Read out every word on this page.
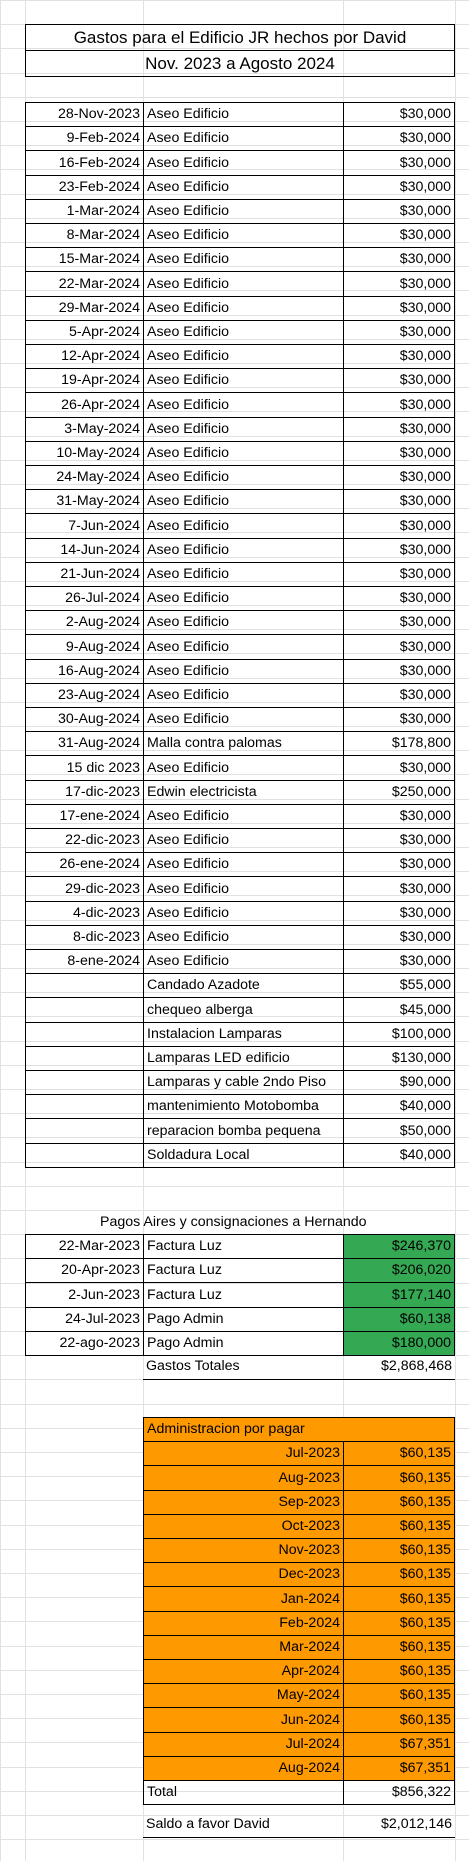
Gastos para el Edificio JR hechos por David
Nov. 2023 a Agosto 2024
28-Nov-2023 Aseo Edificio	$30,000
9-Feb-2024 Aseo Edificio	$30,000
16-Feb-2024 Aseo Edificio	$30,000
23-Feb-2024 Aseo Edificio	$30,000
1-Mar-2024 Aseo Edificio	$30,000
8-Mar-2024 Aseo Edificio	$30,000
15-Mar-2024 Aseo Edificio	$30,000
22-Mar-2024 Aseo Edificio	$30,000
29-Mar-2024 Aseo Edificio	$30,000
5-Apr-2024 Aseo Edificio	$30,000
12-Apr-2024 Aseo Edificio	$30,000
19-Apr-2024 Aseo Edificio	$30,000
26-Apr-2024 Aseo Edificio	$30,000
3-May-2024 Aseo Edificio	$30,000
10-May-2024 Aseo Edificio	$30,000
24-May-2024 Aseo Edificio	$30,000
31-May-2024 Aseo Edificio	$30,000
7-Jun-2024 Aseo Edificio	$30,000
14-Jun-2024 Aseo Edificio	$30,000
21-Jun-2024 Aseo Edificio	$30,000
26-Jul-2024 Aseo Edificio	$30,000
2-Aug-2024 Aseo Edificio	$30,000
9-Aug-2024 Aseo Edificio	$30,000
16-Aug-2024 Aseo Edificio	$30,000
23-Aug-2024 Aseo Edificio	$30,000
30-Aug-2024 Aseo Edificio	$30,000
31-Aug-2024 Malla contra palomas	$178,800
15 dic 2023 Aseo Edificio	$30,000
17-dic-2023 Edwin electricista	$250,000
17-ene-2024 Aseo Edificio	$30,000
22-dic-2023 Aseo Edificio	$30,000
26-ene-2024 Aseo Edificio	$30,000
29-dic-2023 Aseo Edificio	$30,000
4-dic-2023 Aseo Edificio	$30,000
8-dic-2023 Aseo Edificio	$30,000
8-ene-2024 Aseo Edificio	$30,000
Candado Azadote	$55,000
chequeo alberga	$45,000
Instalacion Lamparas	$100,000
Lamparas LED edificio	$130,000
Lamparas y cable 2ndo Piso	$90,000
mantenimiento Motobomba	$40,000
reparacion bomba pequena	$50,000
Soldadura Local	$40,000
Pagos Aires y consignaciones a Hernando
22-Mar-2023 Factura Luz	$246,370
20-Apr-2023 Factura Luz	$206,020
2-Jun-2023 Factura Luz	$177,140
24-Jul-2023 Pago Admin	$60,138
22-ago-2023 Pago Admin	$180,000
Gastos Totales	$2,868,468
Administracion por pagar
Jul-2023	$60,135
Aug-2023	$60,135
Sep-2023	$60,135
Oct-2023	$60,135
Nov-2023	$60,135
Dec-2023	$60,135
Jan-2024	$60,135
Feb-2024	$60,135
Mar-2024	$60,135
Apr-2024	$60,135
May-2024	$60,135
Jun-2024	$60,135
Jul-2024	$67,351
Aug-2024	$67,351
Total	$856,322
Saldo a favor David	$2,012,146
